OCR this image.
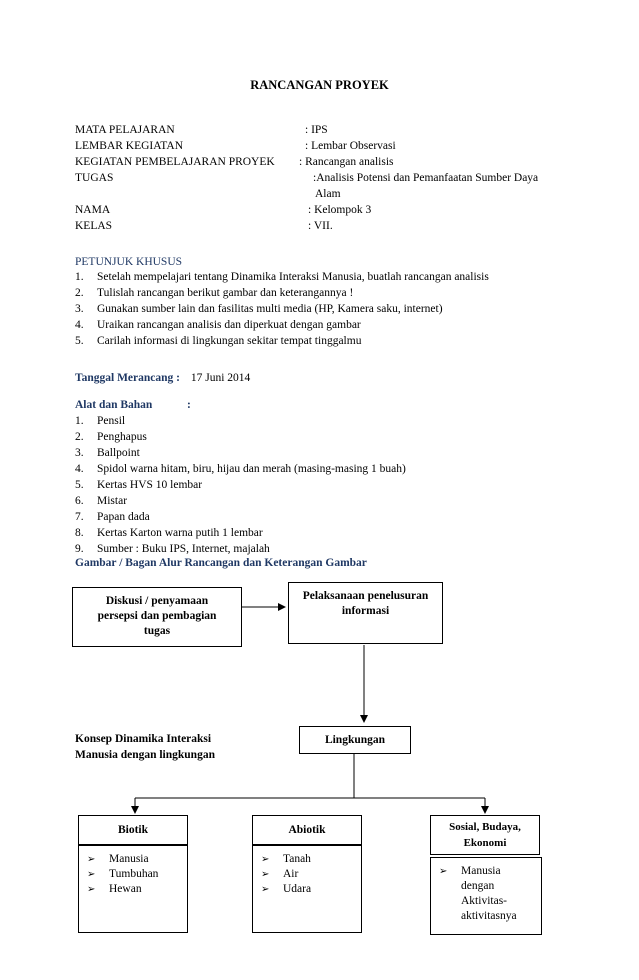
RANCANGAN PROYEK
MATA PELAJARAN	: IPS
LEMBAR KEGIATAN	: Lembar Observasi
KEGIATAN PEMBELAJARAN PROYEK : Rancangan analisis
TUGAS	:Analisis Potensi dan Pemanfaatan Sumber Daya
Alam
NAMA	: Kelompok 3
KELAS	: VII.
PETUNJUK KHUSUS
1. Setelah mempelajari tentang Dinamika Interaksi Manusia, buatlah rancangan analisis
2. Tulislah rancangan berikut gambar dan keterangannya !
3. Gunakan sumber lain dan fasilitas multi media (HP, Kamera saku, internet)
4. Uraikan rancangan analisis dan diperkuat dengan gambar
5. Carilah informasi di lingkungan sekitar tempat tinggalmu
Tanggal Merancang : 17 Juni 2014
Alat dan Bahan	:
1. Pensil
2. Penghapus
3. Ballpoint
4. Spidol warna hitam, biru, hijau dan merah (masing-masing 1 buah)
5. Kertas HVS 10 lembar
6. Mistar
7. Papan dada
8. Kertas Karton warna putih 1 lembar
9. Sumber : Buku IPS, Internet, majalah
Gambar / Bagan Alur Rancangan dan Keterangan Gambar
Diskusi / penyamaan
persepsi dan pembagian
tugas
Pelaksanaan penelusuran
informasi
Konsep Dinamika Interaksi
Manusia dengan lingkungan
Lingkungan
Biotik	Abiotik	Sosial, Budaya,
Ekonomi
➢ Manusia
➢ Tumbuhan
➢ Hewan
➢ Tanah
➢ Air
➢ Udara
➢ Manusia
dengan
Aktivitas-
aktivitasnya
